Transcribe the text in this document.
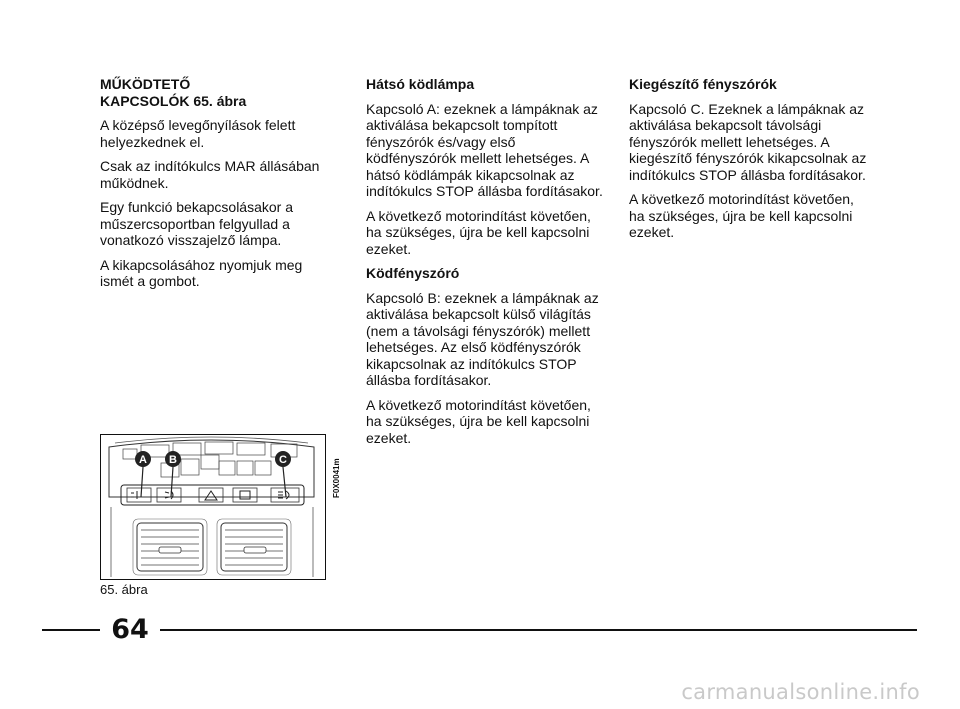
MŰKÖDTETŐ
KAPCSOLÓK 65. ábra

A középső levegőnyílások felett helyezkednek el.

Csak az indítókulcs MAR állásában működnek.

Egy funkció bekapcsolásakor a műszercsoportban felgyullad a vonatkozó visszajelző lámpa.

A kikapcsolásához nyomjuk meg ismét a gombot.

Hátsó ködlámpa

Kapcsoló A: ezeknek a lámpáknak az aktiválása bekapcsolt tompított fényszórók és/vagy első ködfényszórók mellett lehetséges. A hátsó ködlámpák kikapcsolnak az indítókulcs STOP állásba fordításakor.

A következő motorindítást követően, ha szükséges, újra be kell kapcsolni ezeket.

Ködfényszóró

Kapcsoló B: ezeknek a lámpáknak az aktiválása bekapcsolt külső világítás (nem a távolsági fényszórók) mellett lehetséges. Az első ködfényszórók kikapcsolnak az indítókulcs STOP állásba fordításakor.

A következő motorindítást követően, ha szükséges, újra be kell kapcsolni ezeket.

Kiegészítő fényszórók

Kapcsoló C. Ezeknek a lámpáknak az aktiválása bekapcsolt távolsági fényszórók mellett lehetséges. A kiegészítő fényszórók kikapcsolnak az indítókulcs STOP állásba fordításakor.

A következő motorindítást követően, ha szükséges, újra be kell kapcsolni ezeket.

A B	C	F0X0041m
65. ábra
64
carmanualsonline.info
